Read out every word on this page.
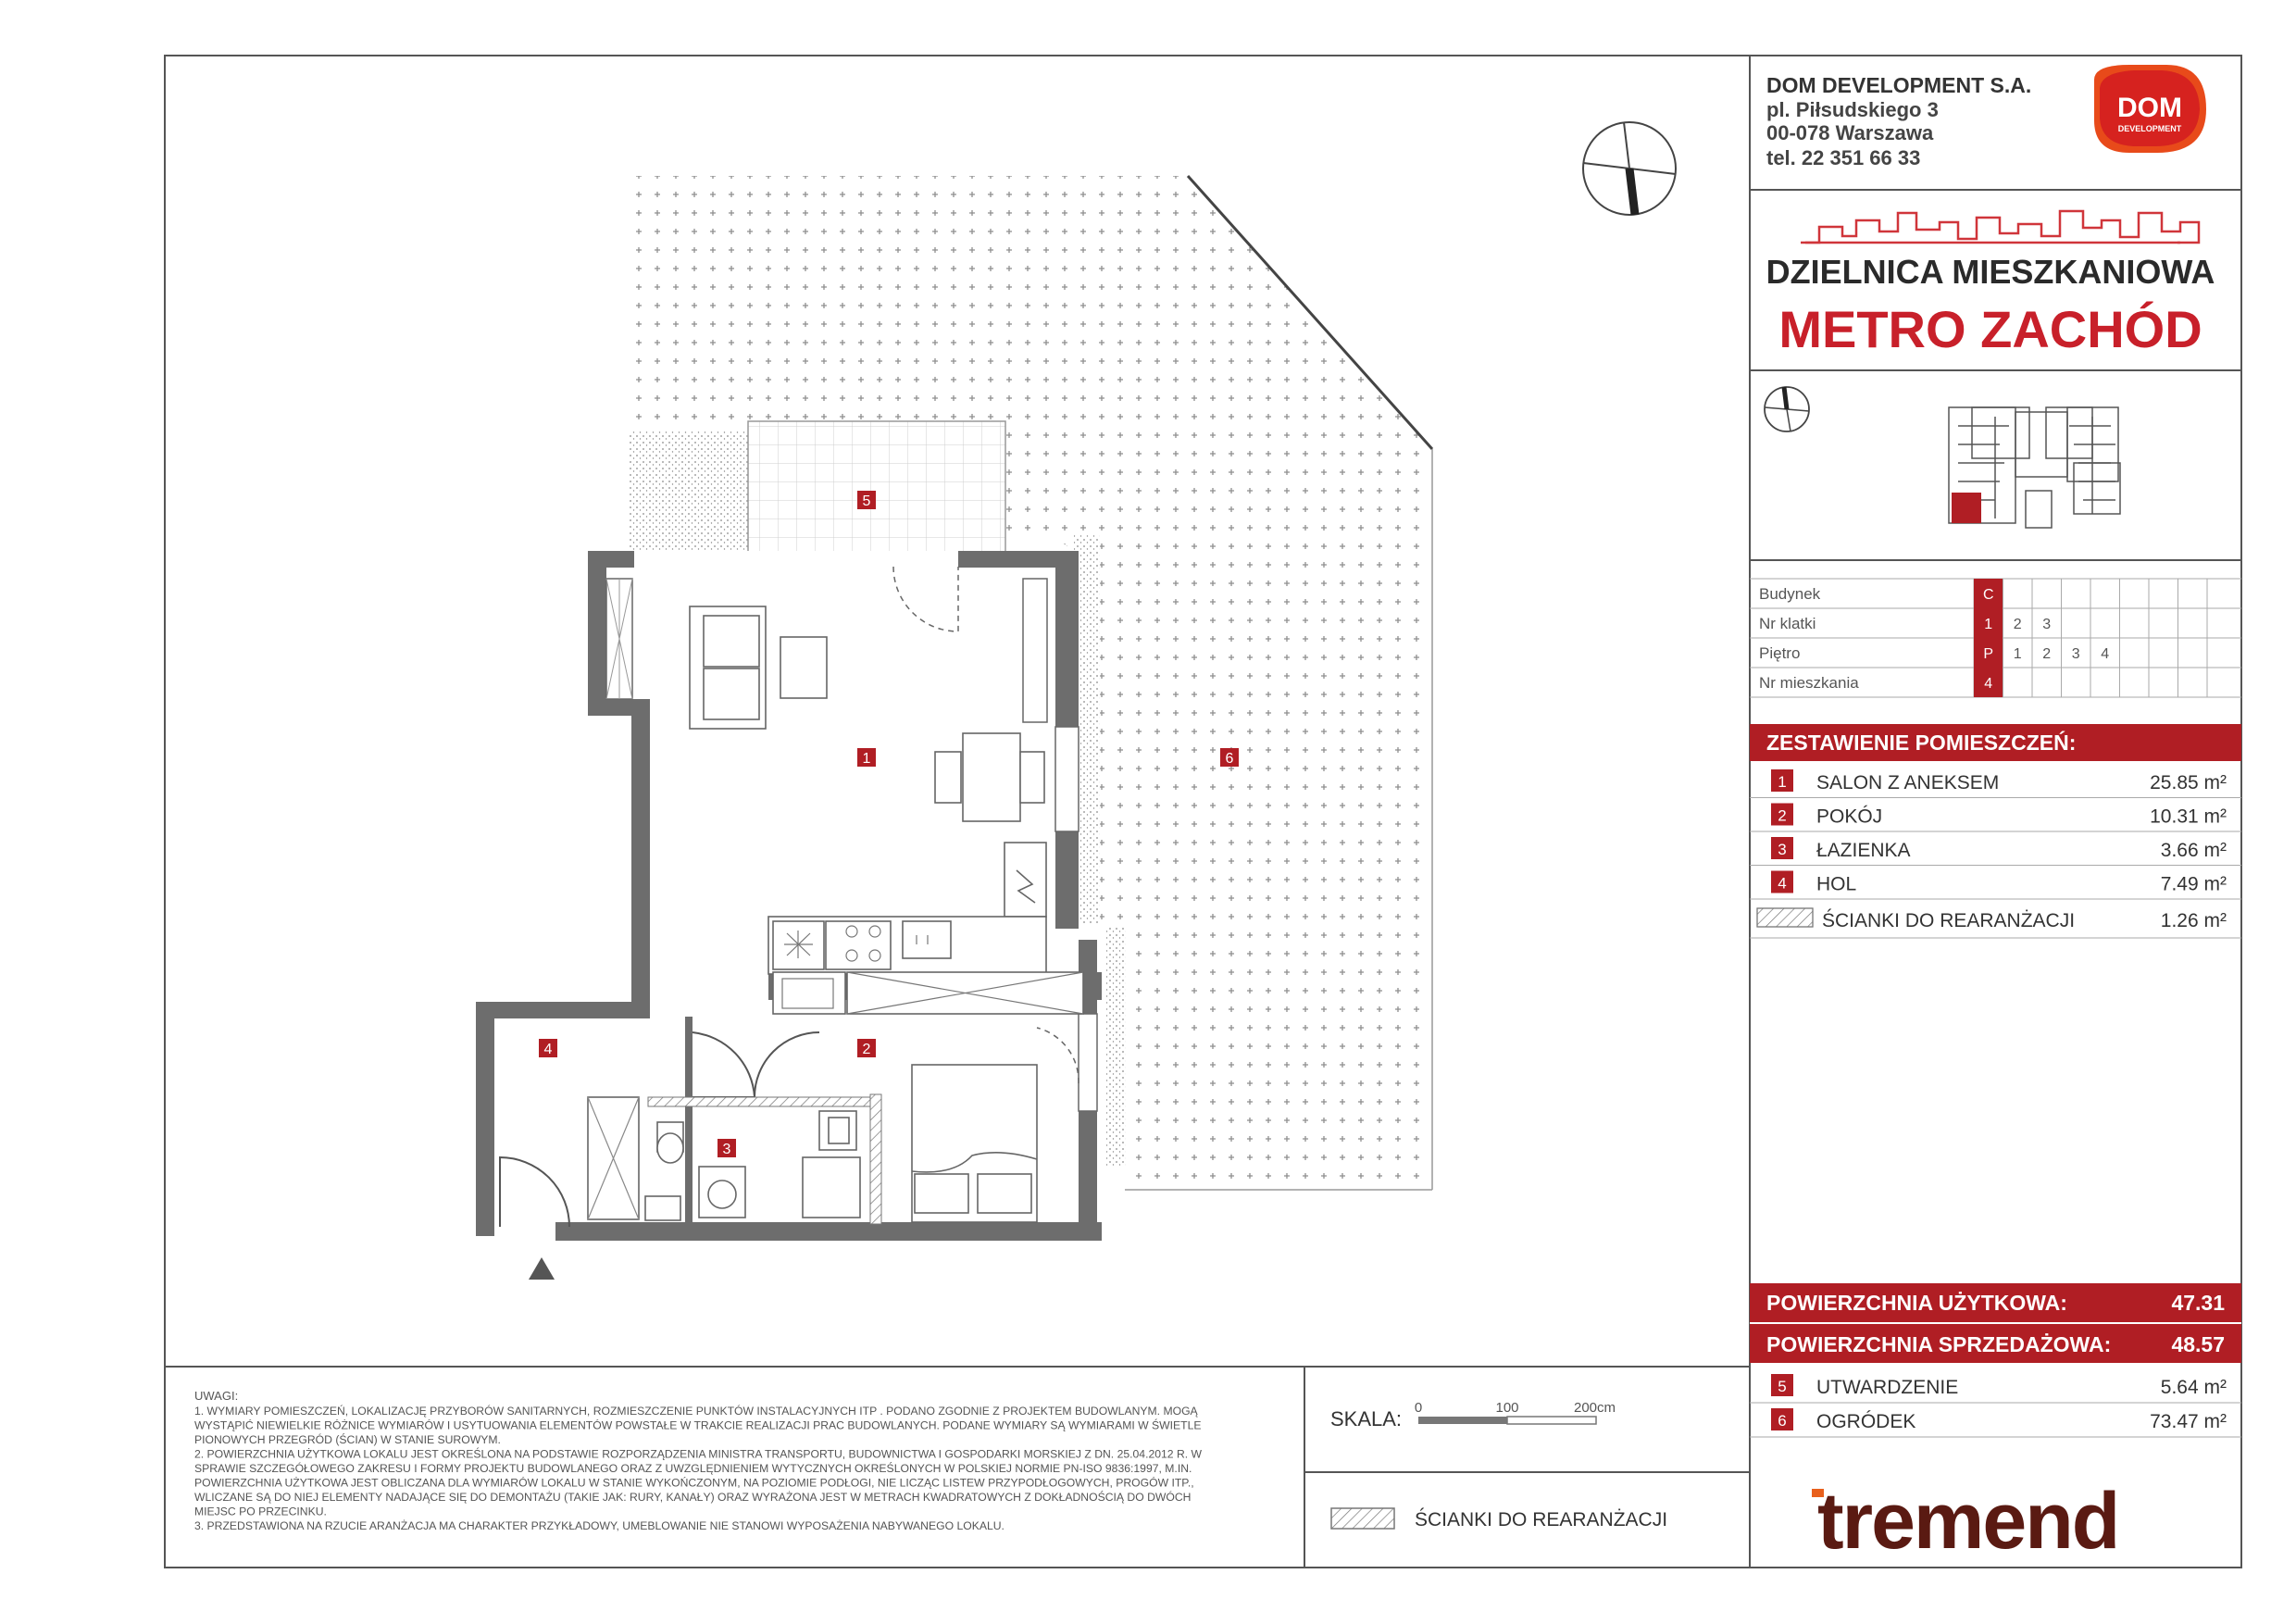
1
2
3
4
5
6
DOM DEVELOPMENT S.A.
pl. Piłsudskiego 3
00-078 Warszawa
tel. 22 351 66 33
DOM
DEVELOPMENT
DZIELNICA MIESZKANIOWA
METRO ZACHÓD
Budynek	C
Nr klatki	1 2 3
Piętro	P 1 2 3 4
Nr mieszkania	4
ZESTAWIENIE POMIESZCZEŃ:
1 SALON Z ANEKSEM	25.85 m²
2 POKÓJ	10.31 m²
3 ŁAZIENKA	3.66 m²
4 HOL	7.49 m²
ŚCIANKI DO REARANŻACJI	1.26 m²
POWIERZCHNIA UŻYTKOWA:	47.31
POWIERZCHNIA SPRZEDAŻOWA:	48.57
5 UTWARDZENIE	5.64 m²
6 OGRÓDEK	73.47 m²
tremend
UWAGI:
1. WYMIARY POMIESZCZEŃ, LOKALIZACJĘ PRZYBORÓW SANITARNYCH, ROZMIESZCZENIE PUNKTÓW INSTALACYJNYCH ITP . PODANO ZGODNIE Z PROJEKTEM BUDOWLANYM. MOGĄ
WYSTĄPIĆ NIEWIELKIE RÓŻNICE WYMIARÓW I USYTUOWANIA ELEMENTÓW POWSTAŁE W TRAKCIE REALIZACJI PRAC BUDOWLANYCH. PODANE WYMIARY SĄ WYMIARAMI W ŚWIETLE
PIONOWYCH PRZEGRÓD (ŚCIAN) W STANIE SUROWYM.
2. POWIERZCHNIA UŻYTKOWA LOKALU JEST OKREŚLONA NA PODSTAWIE ROZPORZĄDZENIA MINISTRA TRANSPORTU, BUDOWNICTWA I GOSPODARKI MORSKIEJ Z DN. 25.04.2012 R. W
SPRAWIE SZCZEGÓŁOWEGO ZAKRESU I FORMY PROJEKTU BUDOWLANEGO ORAZ Z UWZGLĘDNIENIEM WYTYCZNYCH OKREŚLONYCH W POLSKIEJ NORMIE PN-ISO 9836:1997, M.IN.
POWIERZCHNIA UŻYTKOWA JEST OBLICZANA DLA WYMIARÓW LOKALU W STANIE WYKOŃCZONYM, NA POZIOMIE PODŁOGI, NIE LICZĄC LISTEW PRZYPODŁOGOWYCH, PROGÓW ITP.,
WLICZANE SĄ DO NIEJ ELEMENTY NADAJĄCE SIĘ DO DEMONTAŻU (TAKIE JAK: RURY, KANAŁY) ORAZ WYRAŻONA JEST W METRACH KWADRATOWYCH Z DOKŁADNOŚCIĄ DO DWÓCH
MIEJSC PO PRZECINKU.
3. PRZEDSTAWIONA NA RZUCIE ARANŻACJA MA CHARAKTER PRZYKŁADOWY, UMEBLOWANIE NIE STANOWI WYPOSAŻENIA NABYWANEGO LOKALU.
SKALA: 0	100	200cm
ŚCIANKI DO REARANŻACJI
